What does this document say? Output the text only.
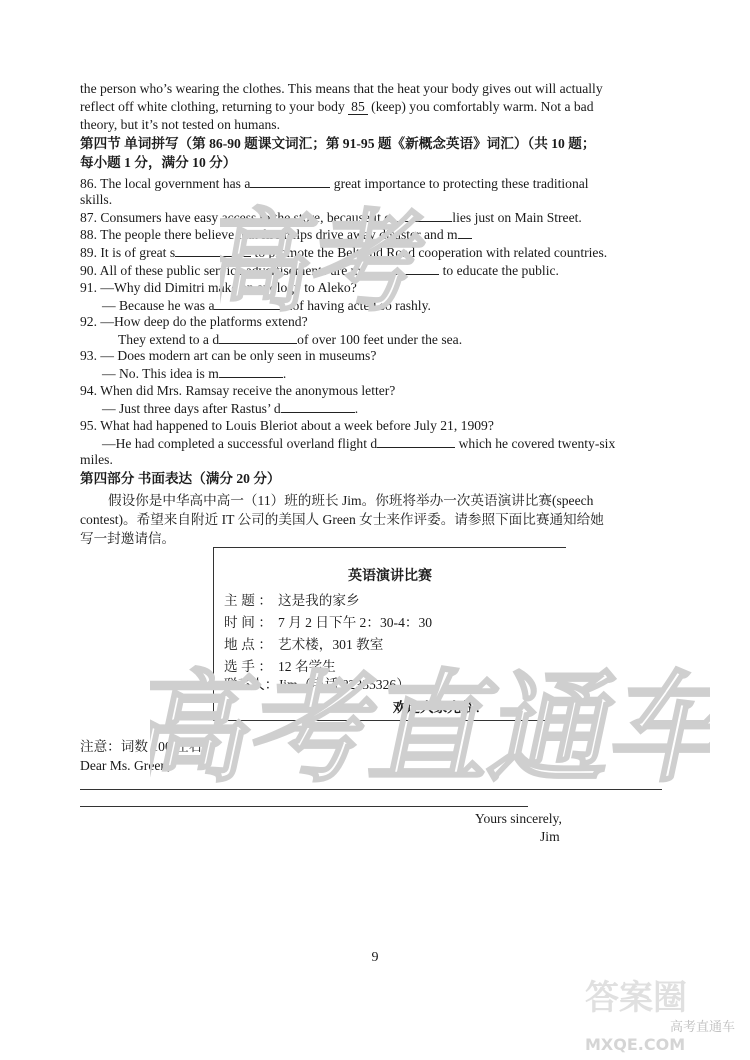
the person who’s wearing the clothes. This means that the heat your body gives out will actually
reflect off white clothing, returning to your body 85 (keep) you comfortably warm. Not a bad
theory, but it’s not tested on humans.
第四节 单词拼写（第 86-90 题课文词汇；第 91-95 题《新概念英语》词汇）（共 10 题；
每小题 1 分，满分 10 分）
86. The local government has a	great importance to protecting these traditional
skills.
87. Consumers have easy access to the store, because it c	lies just on Main Street.
88. The people there believe that fire helps drive away disaster and m
89. It is of great s	to promote the Belt and Road cooperation with related countries.
90. All of these public service advertisements are m	to educate the public.
91. —Why did Dimitri make an apology to Aleko?
— Because he was a	of having acted so rashly.
92. —How deep do the platforms extend?
They extend to a d	of over 100 feet under the sea.
93. — Does modern art can be only seen in museums?
— No. This idea is m	.
94. When did Mrs. Ramsay receive the anonymous letter?
— Just three days after Rastus’ d	.
95. What had happened to Louis Bleriot about a week before July 21, 1909?
—He had completed a successful overland flight d	which he covered twenty-six
miles.
第四部分 书面表达（满分 20 分）
假设你是中华高中高一（11）班的班长 Jim。你班将举办一次英语演讲比赛(speech
contest)。希望来自附近 IT 公司的美国人 Green 女士来作评委。请参照下面比赛通知给她
写一封邀请信。
英语演讲比赛
主题： 这是我的家乡
时间： 7 月 2 日下午 2：30-4：30
地点： 艺术楼，301 教室
选手： 12 名学生
联系人：Jim（电话 82335326）
欢迎大家光临！
注意：词数 100 左右。
Dear Ms. Green,
Yours sincerely,
Jim
9
高考
高考直通车
答案圈
高考直通车
MXQE.COM
